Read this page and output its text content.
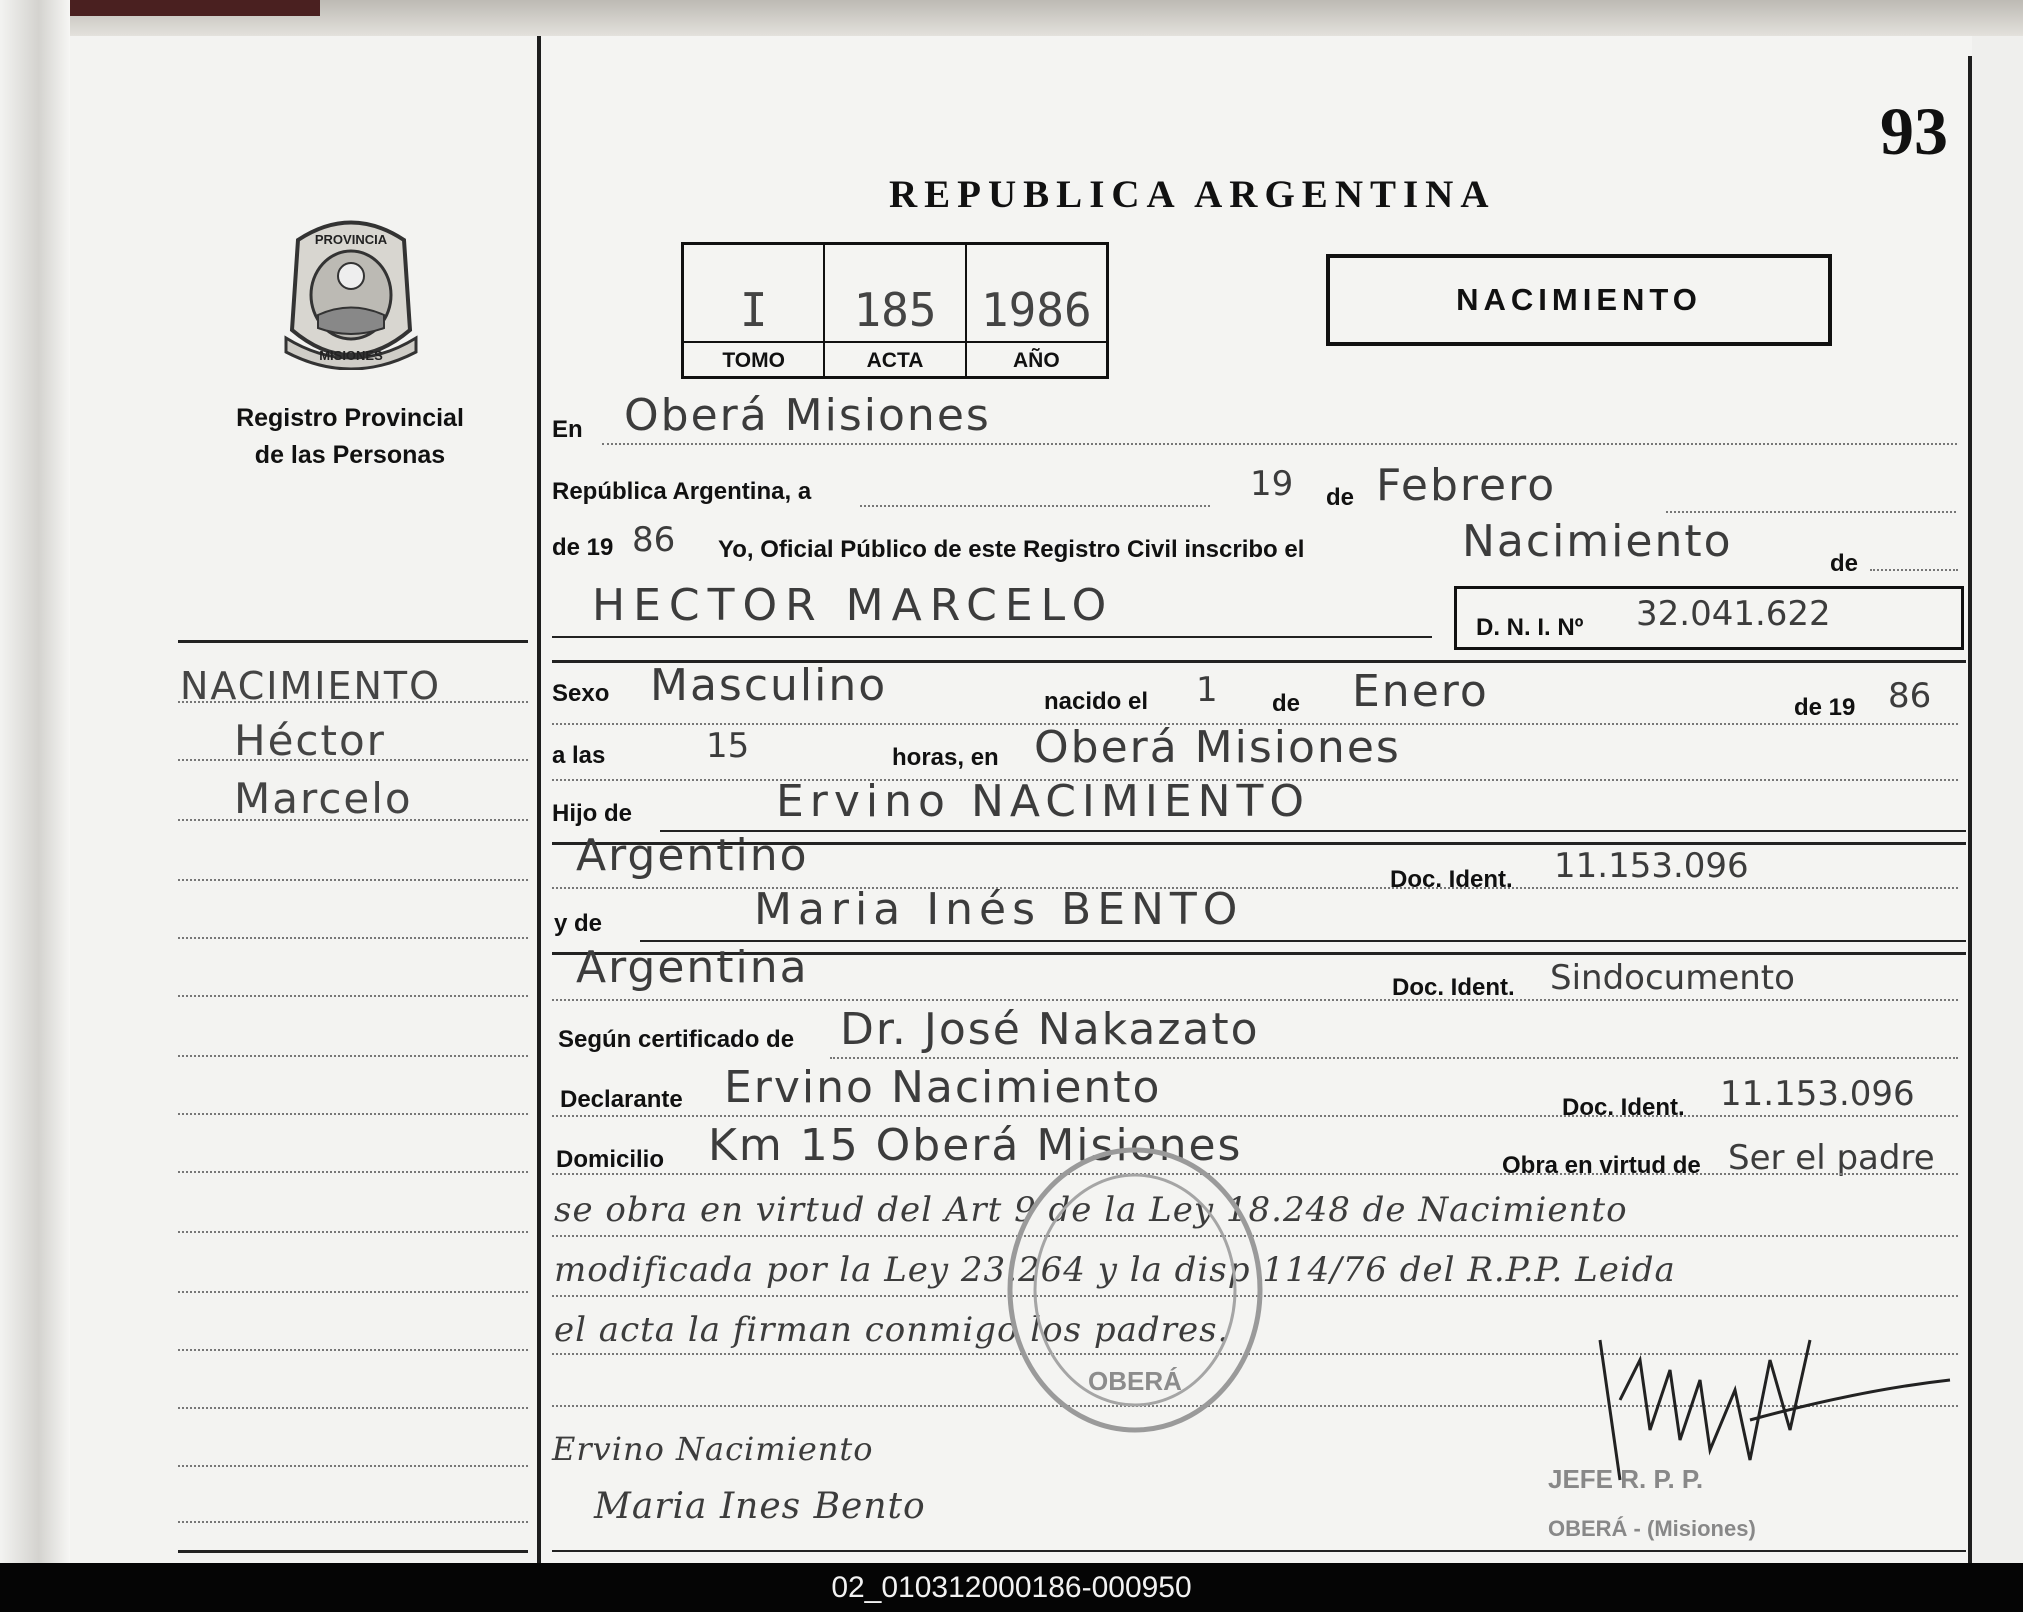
PROVINCIA
MISIONES
Registro Provincial
de las Personas
NACIMIENTO
Héctor
Marcelo
93
REPUBLICA ARGENTINA
NACIMIENTO
I
TOMO
185
ACTA
1986
AÑO
En Oberá Misiones
República Argentina, a	19 de Febrero
de 19 86 Yo, Oficial Público de este Registro Civil inscribo el	Nacimiento	de
HECTOR MARCELO	D. N. I. Nº 32.041.622
Sexo Masculino	nacido el 1 de Enero	de 19 86
a las	15	horas, en Oberá Misiones
Hijo de	Ervino NACIMIENTO
Argentino	Doc. Ident. 11.153.096
y de	Maria Inés BENTO
Argentina	Doc. Ident. Sindocumento
Según certificado de Dr. José Nakazato
Declarante Ervino Nacimiento	Doc. Ident. 11.153.096
Domicilio Km 15 Oberá Misiones	Obra en virtud de Ser el padre
se obra en virtud del Art 9 de la Ley 18.248 de Nacimiento
modificada por la Ley 23.264 y la disp 114/76 del R.P.P. Leida
el acta la firman conmigo los padres.
Ervino Nacimiento
Maria Ines Bento
OBERÁ
JEFE R. P. P.
OBERÁ - (Misiones)
02_010312000186-000950
